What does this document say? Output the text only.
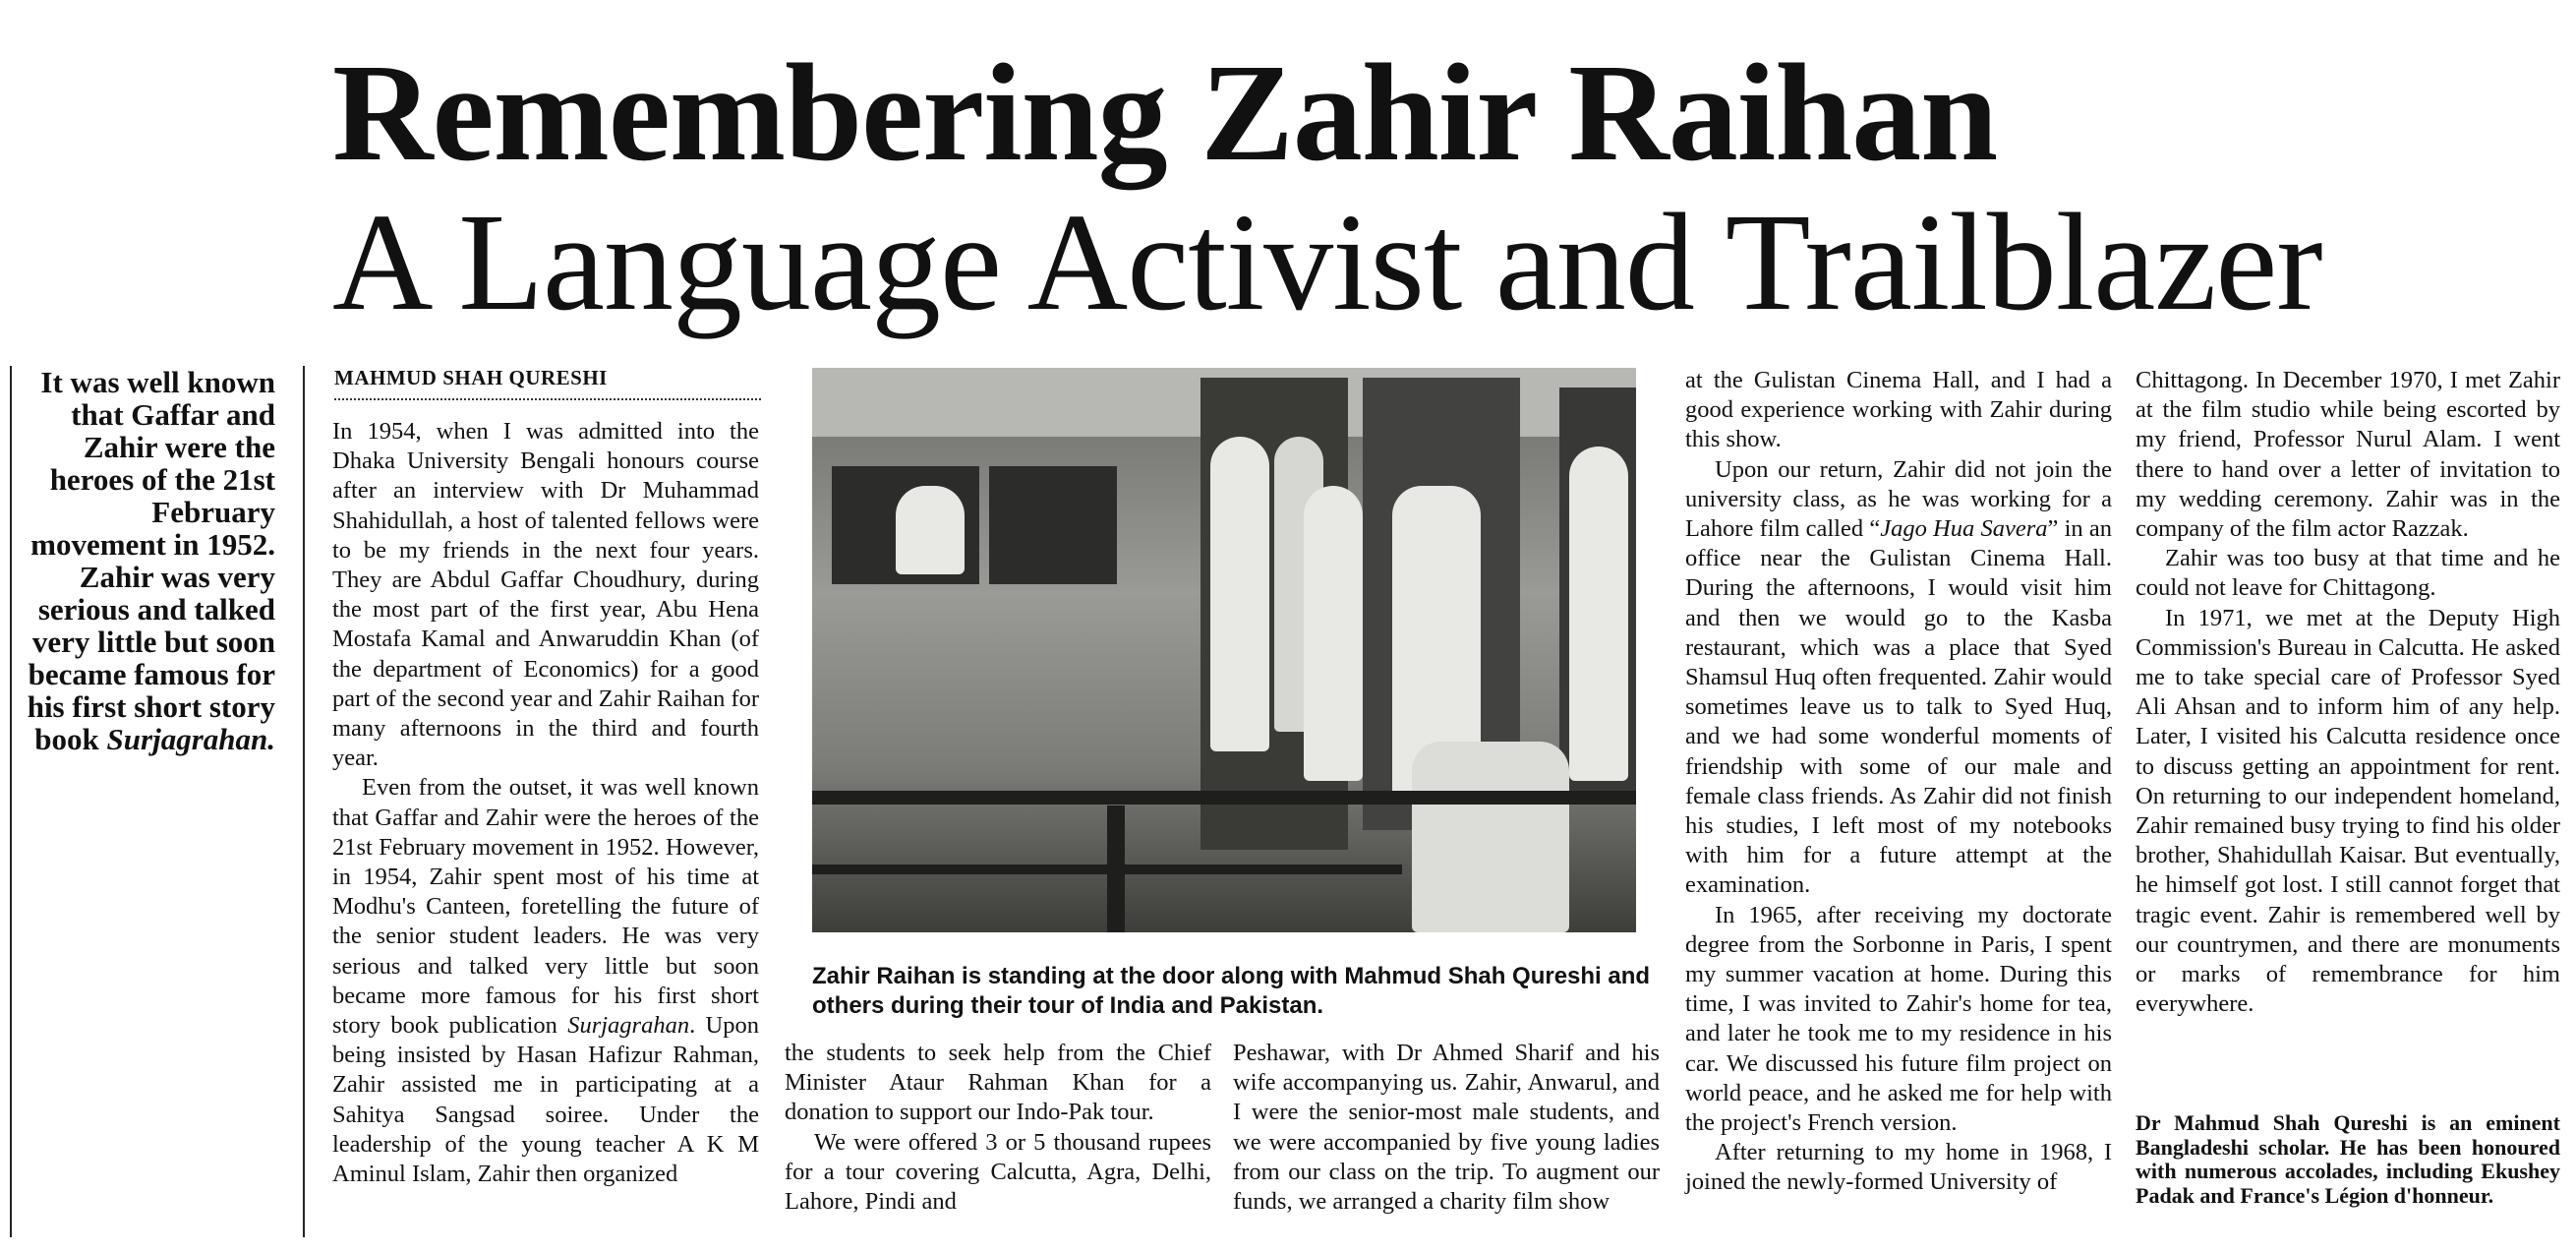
Remembering Zahir Raihan
A Language Activist and Trailblazer
It was well known that Gaffar and Zahir were the heroes of the 21st February movement in 1952. Zahir was very serious and talked very little but soon became famous for his first short story book Surjagrahan.
MAHMUD SHAH QURESHI

In 1954, when I was admitted into the Dhaka University Bengali honours course after an interview with Dr Muhammad Shahidullah, a host of talented fellows were to be my friends in the next four years. They are Abdul Gaffar Choudhury, during the most part of the first year, Abu Hena Mostafa Kamal and Anwaruddin Khan (of the department of Economics) for a good part of the second year and Zahir Raihan for many afternoons in the third and fourth year.

Even from the outset, it was well known that Gaffar and Zahir were the heroes of the 21st February movement in 1952. However, in 1954, Zahir spent most of his time at Modhu's Canteen, foretelling the future of the senior student leaders. He was very serious and talked very little but soon became more famous for his first short story book publication Surjagrahan. Upon being insisted by Hasan Hafizur Rahman, Zahir assisted me in participating at a Sahitya Sangsad soiree. Under the leadership of the young teacher A K M Aminul Islam, Zahir then organized

Zahir Raihan is standing at the door along with Mahmud Shah Qureshi and others during their tour of India and Pakistan.

the students to seek help from the Chief Minister Ataur Rahman Khan for a donation to support our Indo-Pak tour.

We were offered 3 or 5 thousand rupees for a tour covering Calcutta, Agra, Delhi, Lahore, Pindi and

Peshawar, with Dr Ahmed Sharif and his wife accompanying us. Zahir, Anwarul, and I were the senior-most male students, and we were accompanied by five young ladies from our class on the trip. To augment our funds, we arranged a charity film show

at the Gulistan Cinema Hall, and I had a good experience working with Zahir during this show.

Upon our return, Zahir did not join the university class, as he was working for a Lahore film called “Jago Hua Savera” in an office near the Gulistan Cinema Hall. During the afternoons, I would visit him and then we would go to the Kasba restaurant, which was a place that Syed Shamsul Huq often frequented. Zahir would sometimes leave us to talk to Syed Huq, and we had some wonderful moments of friendship with some of our male and female class friends. As Zahir did not finish his studies, I left most of my notebooks with him for a future attempt at the examination.

In 1965, after receiving my doctorate degree from the Sorbonne in Paris, I spent my summer vacation at home. During this time, I was invited to Zahir's home for tea, and later he took me to my residence in his car. We discussed his future film project on world peace, and he asked me for help with the project's French version.

After returning to my home in 1968, I joined the newly-formed University of

Chittagong. In December 1970, I met Zahir at the film studio while being escorted by my friend, Professor Nurul Alam. I went there to hand over a letter of invitation to my wedding ceremony. Zahir was in the company of the film actor Razzak.

Zahir was too busy at that time and he could not leave for Chittagong.

In 1971, we met at the Deputy High Commission's Bureau in Calcutta. He asked me to take special care of Professor Syed Ali Ahsan and to inform him of any help. Later, I visited his Calcutta residence once to discuss getting an appointment for rent. On returning to our independent homeland, Zahir remained busy trying to find his older brother, Shahidullah Kaisar. But eventually, he himself got lost. I still cannot forget that tragic event. Zahir is remembered well by our countrymen, and there are monuments or marks of remembrance for him everywhere.

Dr Mahmud Shah Qureshi is an eminent Bangladeshi scholar. He has been honoured with numerous accolades, including Ekushey Padak and France's Légion d'honneur.
